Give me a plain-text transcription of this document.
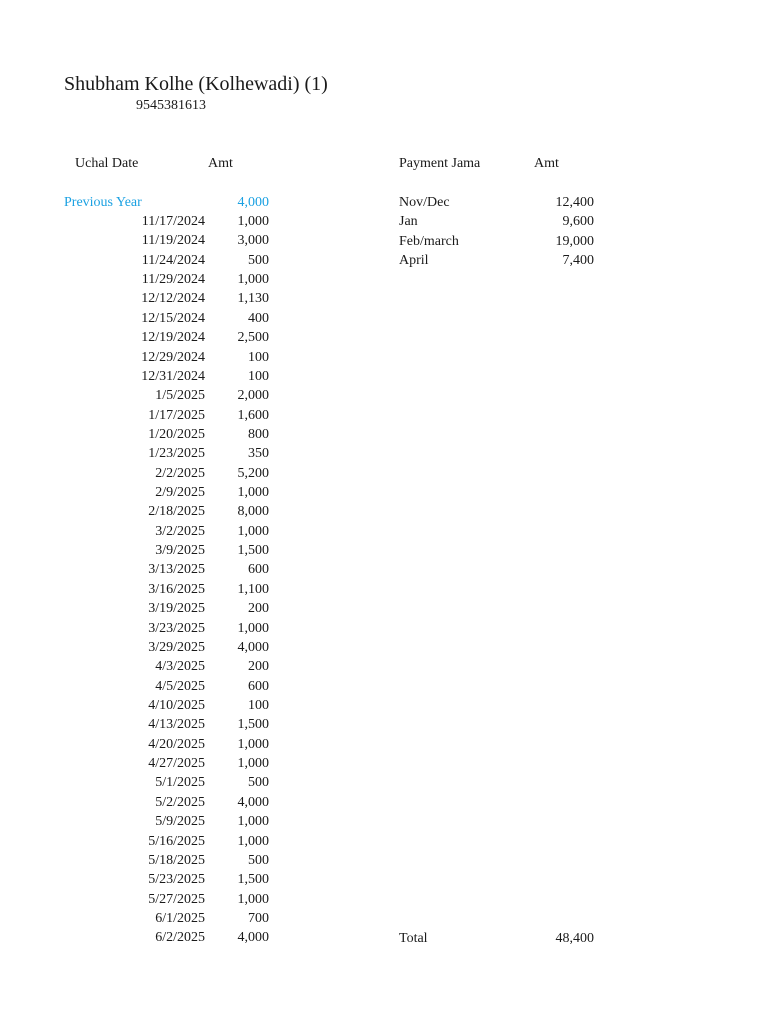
Shubham Kolhe (Kolhewadi) (1)
9545381613
Uchal Date	Amt	Payment Jama	Amt
Previous Year	4,000
11/17/2024 1,000
11/19/2024 3,000
11/24/2024	500
11/29/2024 1,000
12/12/2024 1,130
12/15/2024	400
12/19/2024 2,500
12/29/2024	100
12/31/2024	100
1/5/2025 2,000
1/17/2025 1,600
1/20/2025	800
1/23/2025	350
2/2/2025 5,200
2/9/2025 1,000
2/18/2025 8,000
3/2/2025 1,000
3/9/2025 1,500
3/13/2025	600
3/16/2025 1,100
3/19/2025	200
3/23/2025 1,000
3/29/2025 4,000
4/3/2025	200
4/5/2025	600
4/10/2025	100
4/13/2025 1,500
4/20/2025 1,000
4/27/2025 1,000
5/1/2025	500
5/2/2025 4,000
5/9/2025 1,000
5/16/2025 1,000
5/18/2025	500
5/23/2025 1,500
5/27/2025 1,000
6/1/2025	700
6/2/2025 4,000
Nov/Dec	12,400
Jan	9,600
Feb/march	19,000
April	7,400
Total	48,400
